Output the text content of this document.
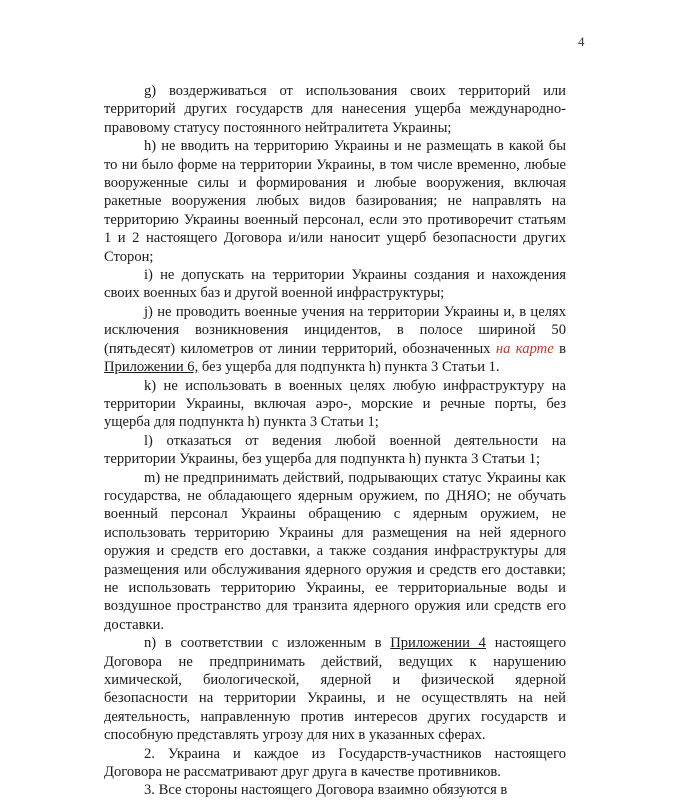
4

g) воздерживаться от использования своих территорий или территорий других государств для нанесения ущерба международно-правовому статусу постоянного нейтралитета Украины;

h) не вводить на территорию Украины и не размещать в какой бы то ни было форме на территории Украины, в том числе временно, любые вооруженные силы и формирования и любые вооружения, включая ракетные вооружения любых видов базирования; не направлять на территорию Украины военный персонал, если это противоречит статьям 1 и 2 настоящего Договора и/или наносит ущерб безопасности других Сторон;

i) не допускать на территории Украины создания и нахождения своих военных баз и другой военной инфраструктуры;

j) не проводить военные учения на территории Украины и, в целях исключения возникновения инцидентов, в полосе шириной 50 (пятьдесят) километров от линии территорий, обозначенных на карте в Приложении 6, без ущерба для подпункта h) пункта 3 Статьи 1.

k) не использовать в военных целях любую инфраструктуру на территории Украины, включая аэро-, морские и речные порты, без ущерба для подпункта h) пункта 3 Статьи 1;

l) отказаться от ведения любой военной деятельности на территории Украины, без ущерба для подпункта h) пункта 3 Статьи 1;

m) не предпринимать действий, подрывающих статус Украины как государства, не обладающего ядерным оружием, по ДНЯО; не обучать военный персонал Украины обращению с ядерным оружием, не использовать территорию Украины для размещения на ней ядерного оружия и средств его доставки, а также создания инфраструктуры для размещения или обслуживания ядерного оружия и средств его доставки; не использовать территорию Украины, ее территориальные воды и воздушное пространство для транзита ядерного оружия или средств его доставки.

n) в соответствии с изложенным в Приложении 4 настоящего Договора не предпринимать действий, ведущих к нарушению химической, биологической, ядерной и физической ядерной безопасности на территории Украины, и не осуществлять на ней деятельность, направленную против интересов других государств и способную представлять угрозу для них в указанных сферах.

2. Украина и каждое из Государств-участников настоящего Договора не рассматривают друг друга в качестве противников.

3. Все стороны настоящего Договора взаимно обязуются в
